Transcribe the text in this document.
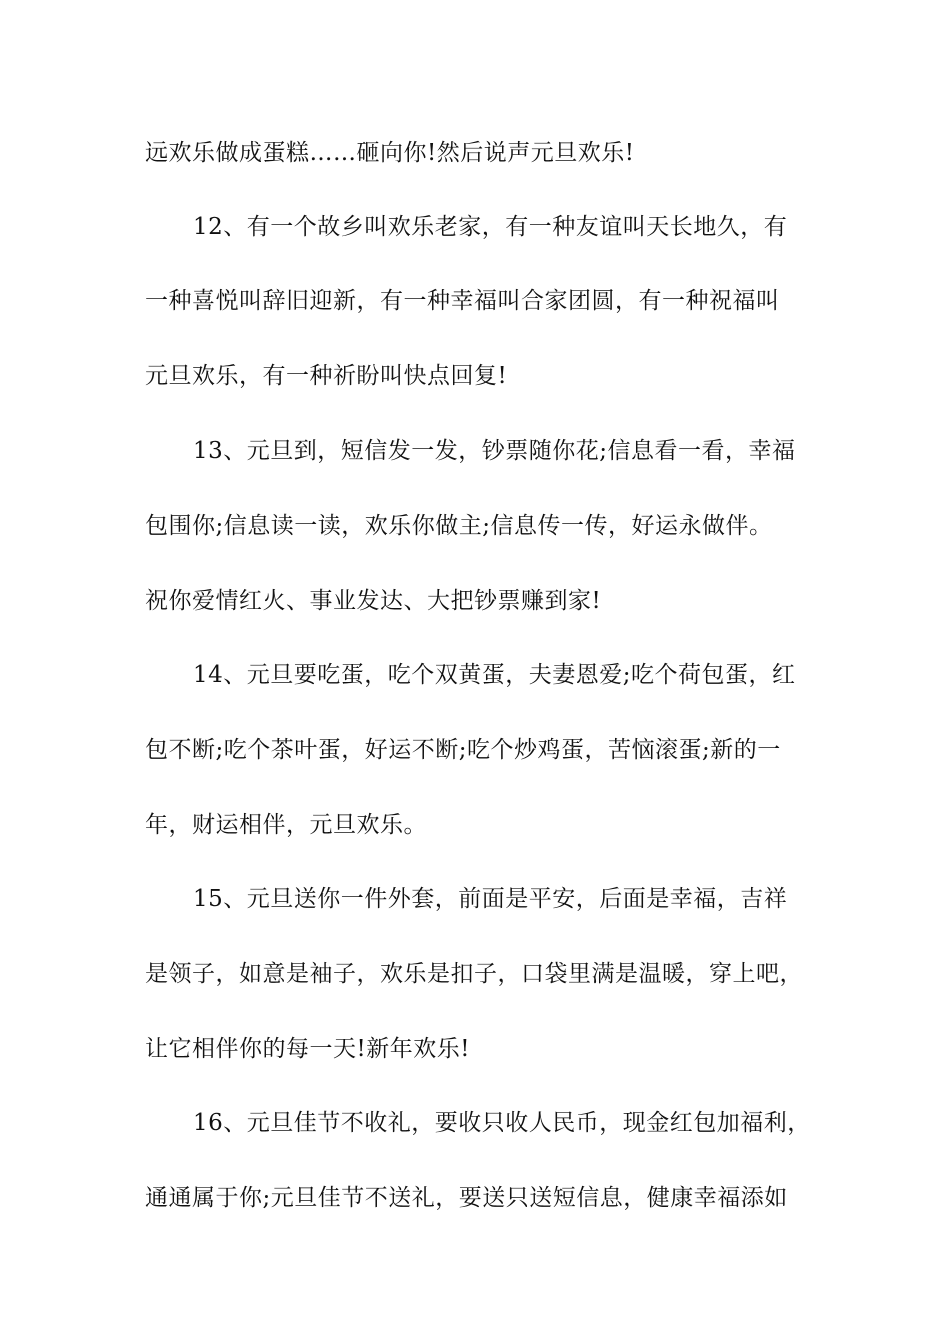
远欢乐做成蛋糕……砸向你!然后说声元旦欢乐!
12、有一个故乡叫欢乐老家，有一种友谊叫天长地久，有
一种喜悦叫辞旧迎新，有一种幸福叫合家团圆，有一种祝福叫
元旦欢乐，有一种祈盼叫快点回复!
13、元旦到，短信发一发，钞票随你花;信息看一看，幸福
包围你;信息读一读，欢乐你做主;信息传一传，好运永做伴。
祝你爱情红火、事业发达、大把钞票赚到家!
14、元旦要吃蛋，吃个双黄蛋，夫妻恩爱;吃个荷包蛋，红
包不断;吃个茶叶蛋，好运不断;吃个炒鸡蛋，苦恼滚蛋;新的一
年，财运相伴，元旦欢乐。
15、元旦送你一件外套，前面是平安，后面是幸福，吉祥
是领子，如意是袖子，欢乐是扣子，口袋里满是温暖，穿上吧，
让它相伴你的每一天!新年欢乐!
16、元旦佳节不收礼，要收只收人民币，现金红包加福利，
通通属于你;元旦佳节不送礼，要送只送短信息，健康幸福添如
